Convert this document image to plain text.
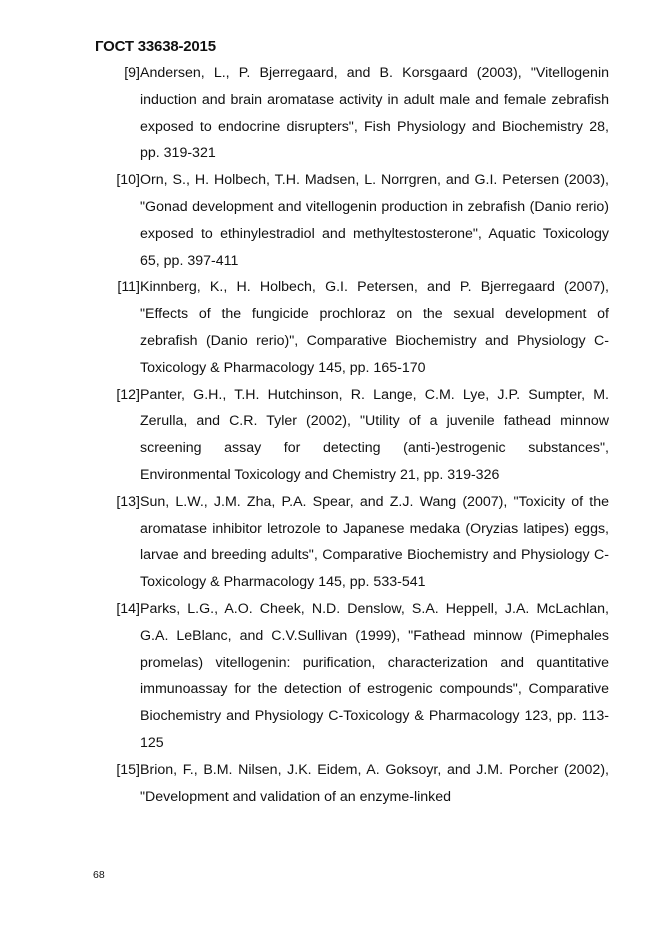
ГОСТ 33638-2015
[9] Andersen, L., P. Bjerregaard, and B. Korsgaard (2003), "Vitellogenin induction and brain aromatase activity in adult male and female zebrafish exposed to endocrine disrupters", Fish Physiology and Biochemistry 28, pp. 319-321
[10] Orn, S., H. Holbech, T.H. Madsen, L. Norrgren, and G.I. Petersen (2003), "Gonad development and vitellogenin production in zebrafish (Danio rerio) exposed to ethinylestradiol and methyltestosterone", Aquatic Toxicology 65, pp. 397-411
[11] Kinnberg, K., H. Holbech, G.I. Petersen, and P. Bjerregaard (2007), "Effects of the fungicide prochloraz on the sexual development of zebrafish (Danio rerio)", Comparative Biochemistry and Physiology C-Toxicology & Pharmacology 145, pp. 165-170
[12] Panter, G.H., T.H. Hutchinson, R. Lange, C.M. Lye, J.P. Sumpter, M. Zerulla, and C.R. Tyler (2002), "Utility of a juvenile fathead minnow screening assay for detecting (anti-)estrogenic substances", Environmental Toxicology and Chemistry 21, pp. 319-326
[13] Sun, L.W., J.M. Zha, P.A. Spear, and Z.J. Wang (2007), "Toxicity of the aromatase inhibitor letrozole to Japanese medaka (Oryzias latipes) eggs, larvae and breeding adults", Comparative Biochemistry and Physiology C-Toxicology & Pharmacology 145, pp. 533-541
[14] Parks, L.G., A.O. Cheek, N.D. Denslow, S.A. Heppell, J.A. McLachlan, G.A. LeBlanc, and C.V.Sullivan (1999), "Fathead minnow (Pimephales promelas) vitellogenin: purification, characterization and quantitative immunoassay for the detection of estrogenic compounds", Comparative Biochemistry and Physiology C-Toxicology & Pharmacology 123, pp. 113-125
[15] Brion, F., B.M. Nilsen, J.K. Eidem, A. Goksoyr, and J.M. Porcher (2002), "Development and validation of an enzyme-linked
68
